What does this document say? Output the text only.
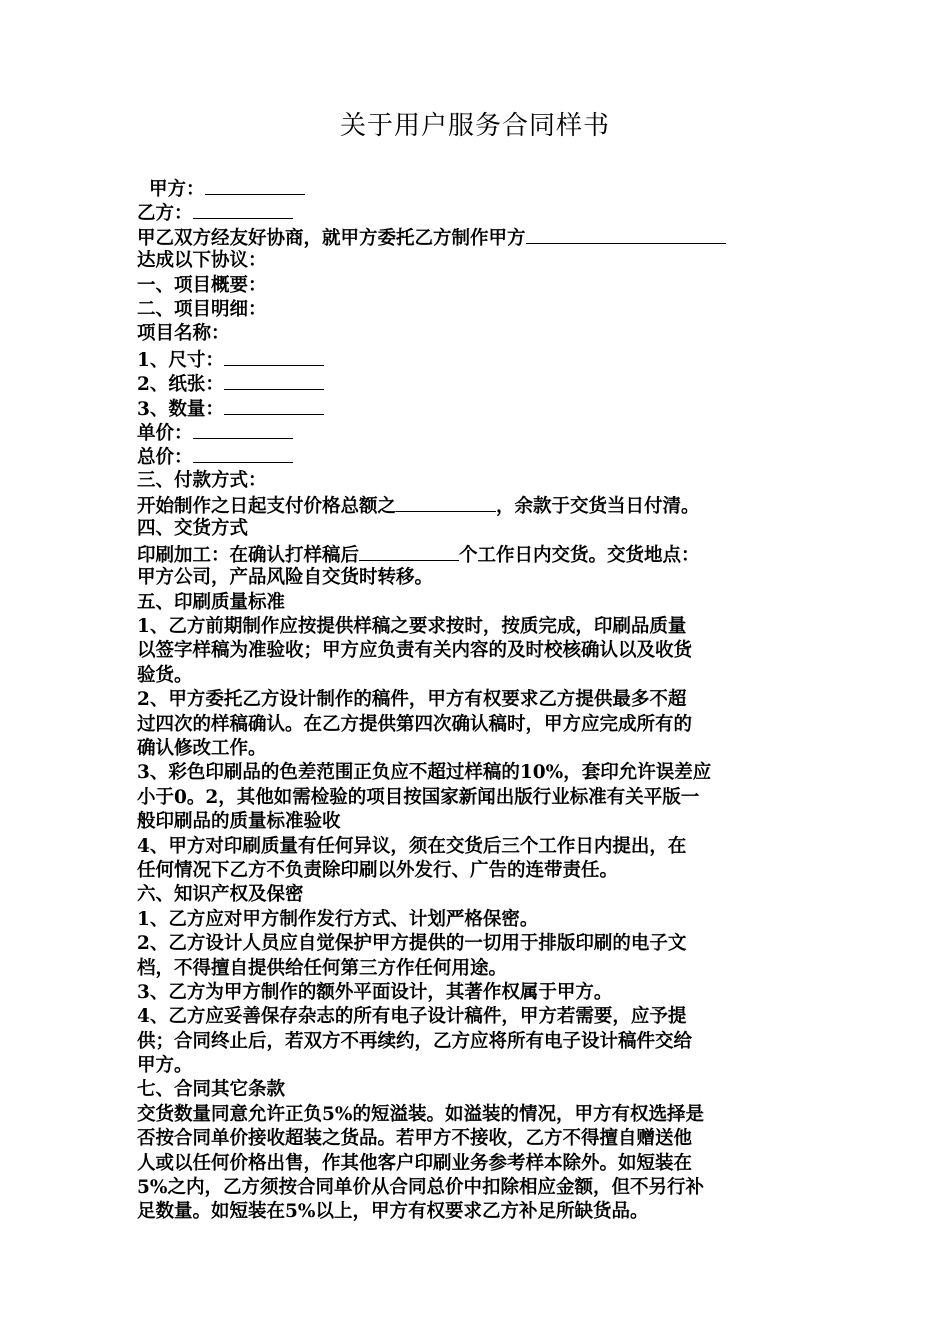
关于用户服务合同样书
甲方：
乙方：
甲乙双方经友好协商，就甲方委托乙方制作甲方
达成以下协议：
一、项目概要：
二、项目明细：
项目名称：
1、尺寸：
2、纸张：
3、数量：
单价：
总价：
三、付款方式：
开始制作之日起支付价格总额之	，余款于交货当日付清。
四、交货方式
印刷加工：在确认打样稿后	个工作日内交货。交货地点：
甲方公司，产品风险自交货时转移。
五、印刷质量标准
1、乙方前期制作应按提供样稿之要求按时，按质完成，印刷品质量
以签字样稿为准验收；甲方应负责有关内容的及时校核确认以及收货
验货。
2、甲方委托乙方设计制作的稿件，甲方有权要求乙方提供最多不超
过四次的样稿确认。在乙方提供第四次确认稿时，甲方应完成所有的
确认修改工作。
3、彩色印刷品的色差范围正负应不超过样稿的10%，套印允许误差应
小于0。2，其他如需检验的项目按国家新闻出版行业标准有关平版一
般印刷品的质量标准验收
4、甲方对印刷质量有任何异议，须在交货后三个工作日内提出，在
任何情况下乙方不负责除印刷以外发行、广告的连带责任。
六、知识产权及保密
1、乙方应对甲方制作发行方式、计划严格保密。
2、乙方设计人员应自觉保护甲方提供的一切用于排版印刷的电子文
档，不得擅自提供给任何第三方作任何用途。
3、乙方为甲方制作的额外平面设计，其著作权属于甲方。
4、乙方应妥善保存杂志的所有电子设计稿件，甲方若需要，应予提
供；合同终止后，若双方不再续约，乙方应将所有电子设计稿件交给
甲方。
七、合同其它条款
交货数量同意允许正负5%的短溢装。如溢装的情况，甲方有权选择是
否按合同单价接收超装之货品。若甲方不接收，乙方不得擅自赠送他
人或以任何价格出售，作其他客户印刷业务参考样本除外。如短装在
5%之内，乙方须按合同单价从合同总价中扣除相应金额，但不另行补
足数量。如短装在5%以上，甲方有权要求乙方补足所缺货品。
